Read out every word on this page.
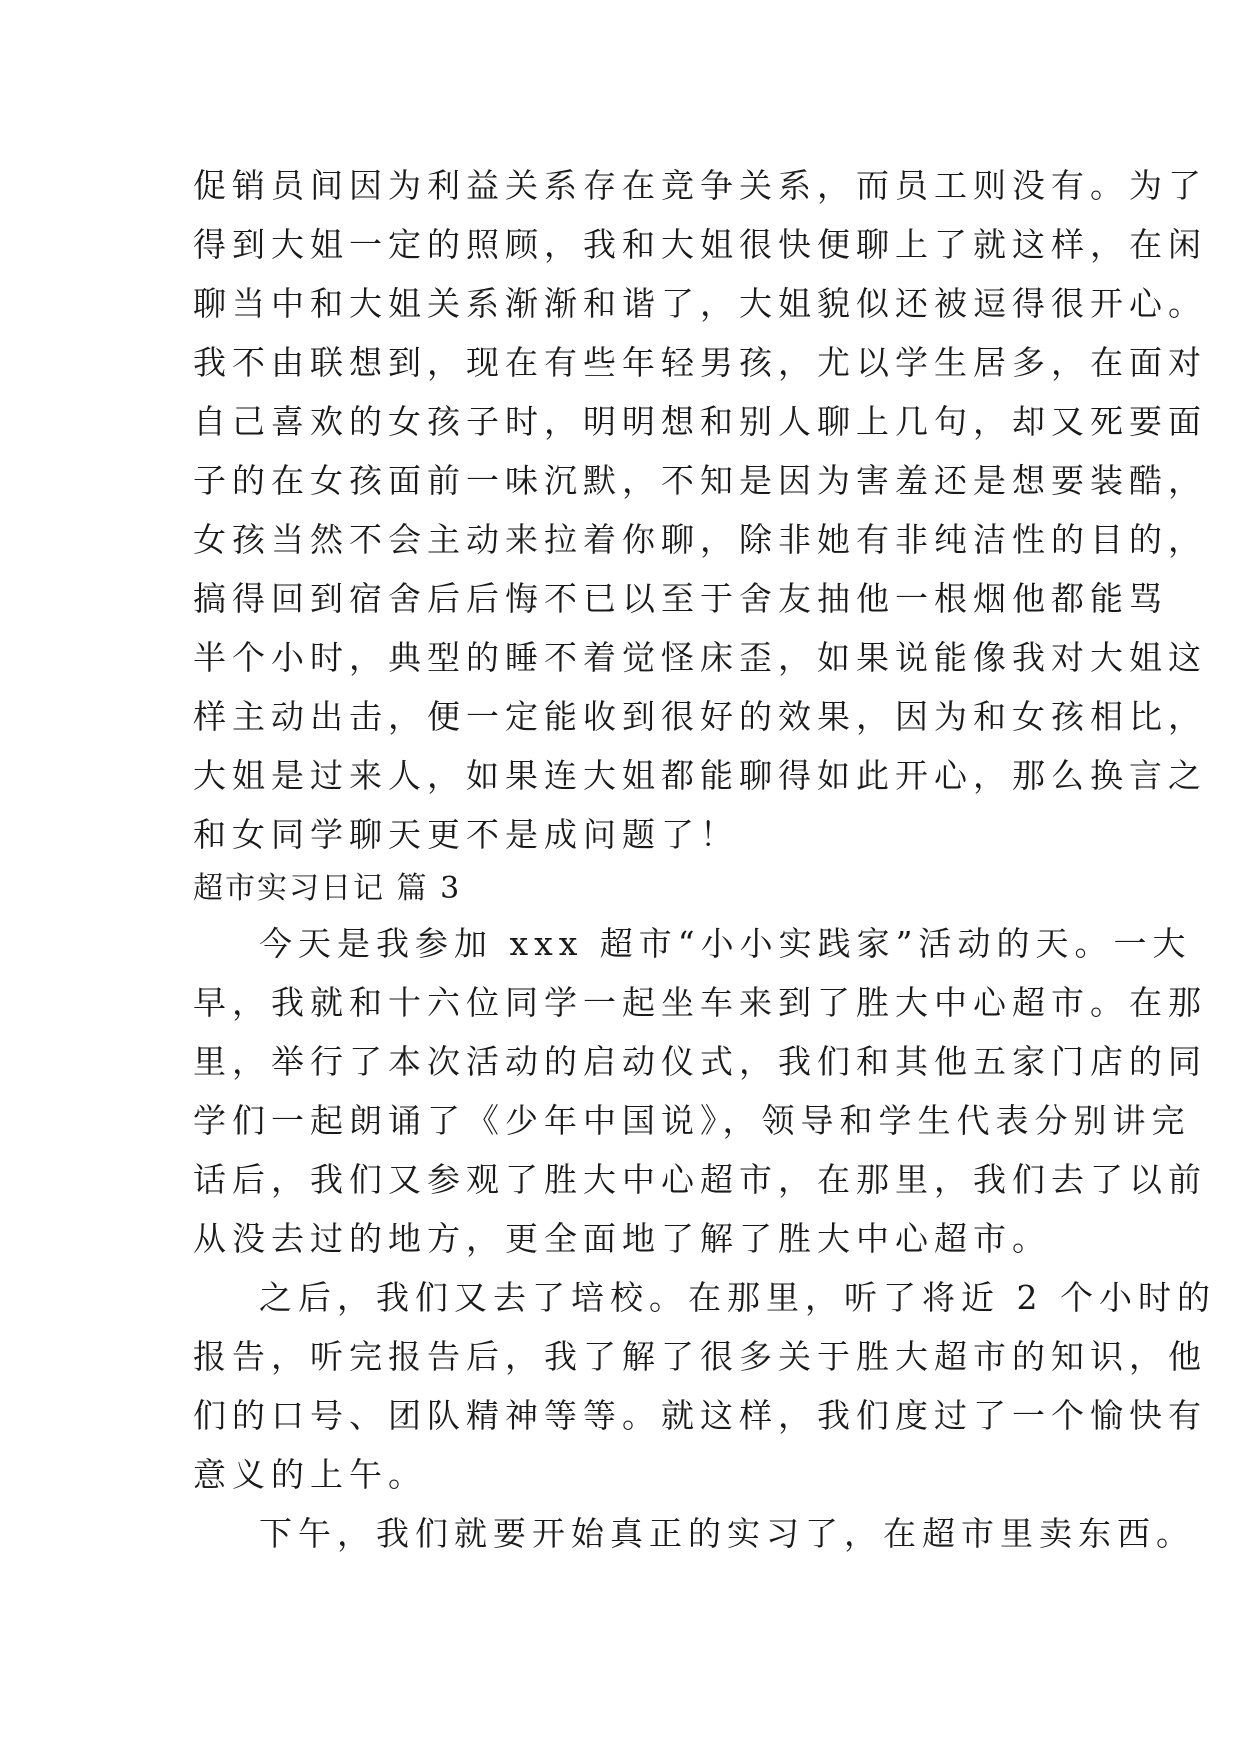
促销员间因为利益关系存在竞争关系，而员工则没有。为了
得到大姐一定的照顾，我和大姐很快便聊上了就这样，在闲
聊当中和大姐关系渐渐和谐了，大姐貌似还被逗得很开心。
我不由联想到，现在有些年轻男孩，尤以学生居多，在面对
自己喜欢的女孩子时，明明想和别人聊上几句，却又死要面
子的在女孩面前一味沉默，不知是因为害羞还是想要装酷，
女孩当然不会主动来拉着你聊，除非她有非纯洁性的目的，
搞得回到宿舍后后悔不已以至于舍友抽他一根烟他都能骂
半个小时，典型的睡不着觉怪床歪，如果说能像我对大姐这
样主动出击，便一定能收到很好的效果，因为和女孩相比，
大姐是过来人，如果连大姐都能聊得如此开心，那么换言之
和女同学聊天更不是成问题了！
超市实习日记 篇 3
今天是我参加 xxx 超市“小小实践家”活动的天。一大
早，我就和十六位同学一起坐车来到了胜大中心超市。在那
里，举行了本次活动的启动仪式，我们和其他五家门店的同
学们一起朗诵了《少年中国说》，领导和学生代表分别讲完
话后，我们又参观了胜大中心超市，在那里，我们去了以前
从没去过的地方，更全面地了解了胜大中心超市。
之后，我们又去了培校。在那里，听了将近 2 个小时的
报告，听完报告后，我了解了很多关于胜大超市的知识，他
们的口号、团队精神等等。就这样，我们度过了一个愉快有
意义的上午。
下午，我们就要开始真正的实习了，在超市里卖东西。
